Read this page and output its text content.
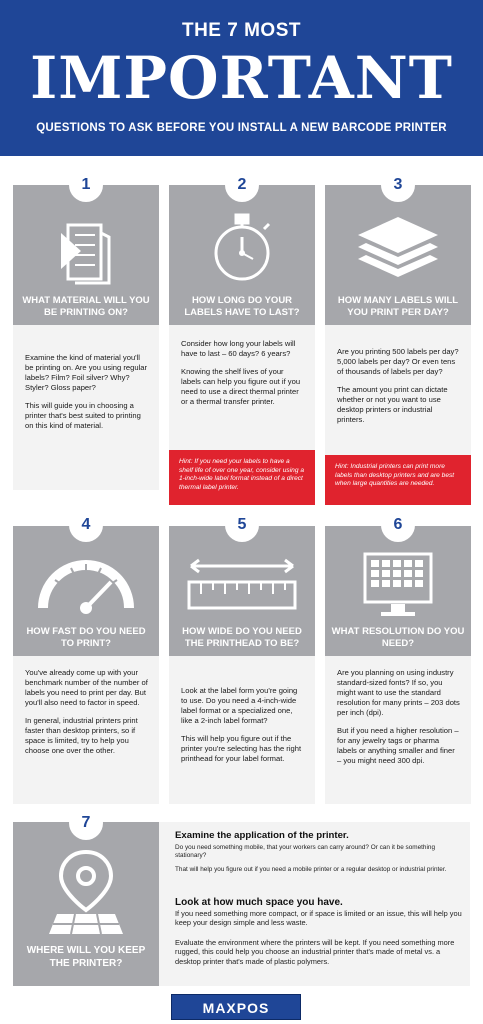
THE 7 MOST
IMPORTANT
QUESTIONS TO ASK BEFORE YOU INSTALL A NEW BARCODE PRINTER
WHAT MATERIAL WILL YOU BE PRINTING ON?
1

Examine the kind of material you'll be printing on. Are you using regular labels? Film? Foil silver? Why? Styler? Gloss paper?

This will guide you in choosing a printer that's best suited to printing on this kind of material.

HOW LONG DO YOUR LABELS HAVE TO LAST?
2

Consider how long your labels will have to last – 60 days? 6 years?

Knowing the shelf lives of your labels can help you figure out if you need to use a direct thermal printer or a thermal transfer printer.

Hint: If you need your labels to have a shelf life of over one year, consider using a 1-inch-wide label format instead of a direct thermal label printer.
HOW MANY LABELS WILL YOU PRINT PER DAY?
3

Are you printing 500 labels per day? 5,000 labels per day? Or even tens of thousands of labels per day?

The amount you print can dictate whether or not you want to use desktop printers or industrial printers.

Hint: Industrial printers can print more labels than desktop printers and are best when large quantities are needed.
HOW FAST DO YOU NEED TO PRINT?
4

You've already come up with your benchmark number of the number of labels you need to print per day. But you'll also need to factor in speed.

In general, industrial printers print faster than desktop printers, so if space is limited, try to help you choose one over the other.

HOW WIDE DO YOU NEED THE PRINTHEAD TO BE?
5

Look at the label form you're going to use. Do you need a 4-inch-wide label format or a specialized one, like a 2-inch label format?

This will help you figure out if the printer you're selecting has the right printhead for your label format.

WHAT RESOLUTION DO YOU NEED?
6

Are you planning on using industry standard-sized fonts? If so, you might want to use the standard resolution for many prints – 203 dots per inch (dpi).

But if you need a higher resolution – for any jewelry tags or pharma labels or anything smaller and finer – you might need 300 dpi.

WHERE WILL YOU KEEP THE PRINTER?
7
Examine the application of the printer.
Do you need something mobile, that your workers can carry around? Or can it be something stationary?
That will help you figure out if you need a mobile printer or a regular desktop or industrial printer.
Look at how much space you have.
If you need something more compact, or if space is limited or an issue, this will help you keep your design simple and less waste.
Evaluate the environment where the printers will be kept. If you need something more rugged, this could help you choose an industrial printer that's made of metal vs. a desktop printer that's made of plastic polymers.
MAXPOS
